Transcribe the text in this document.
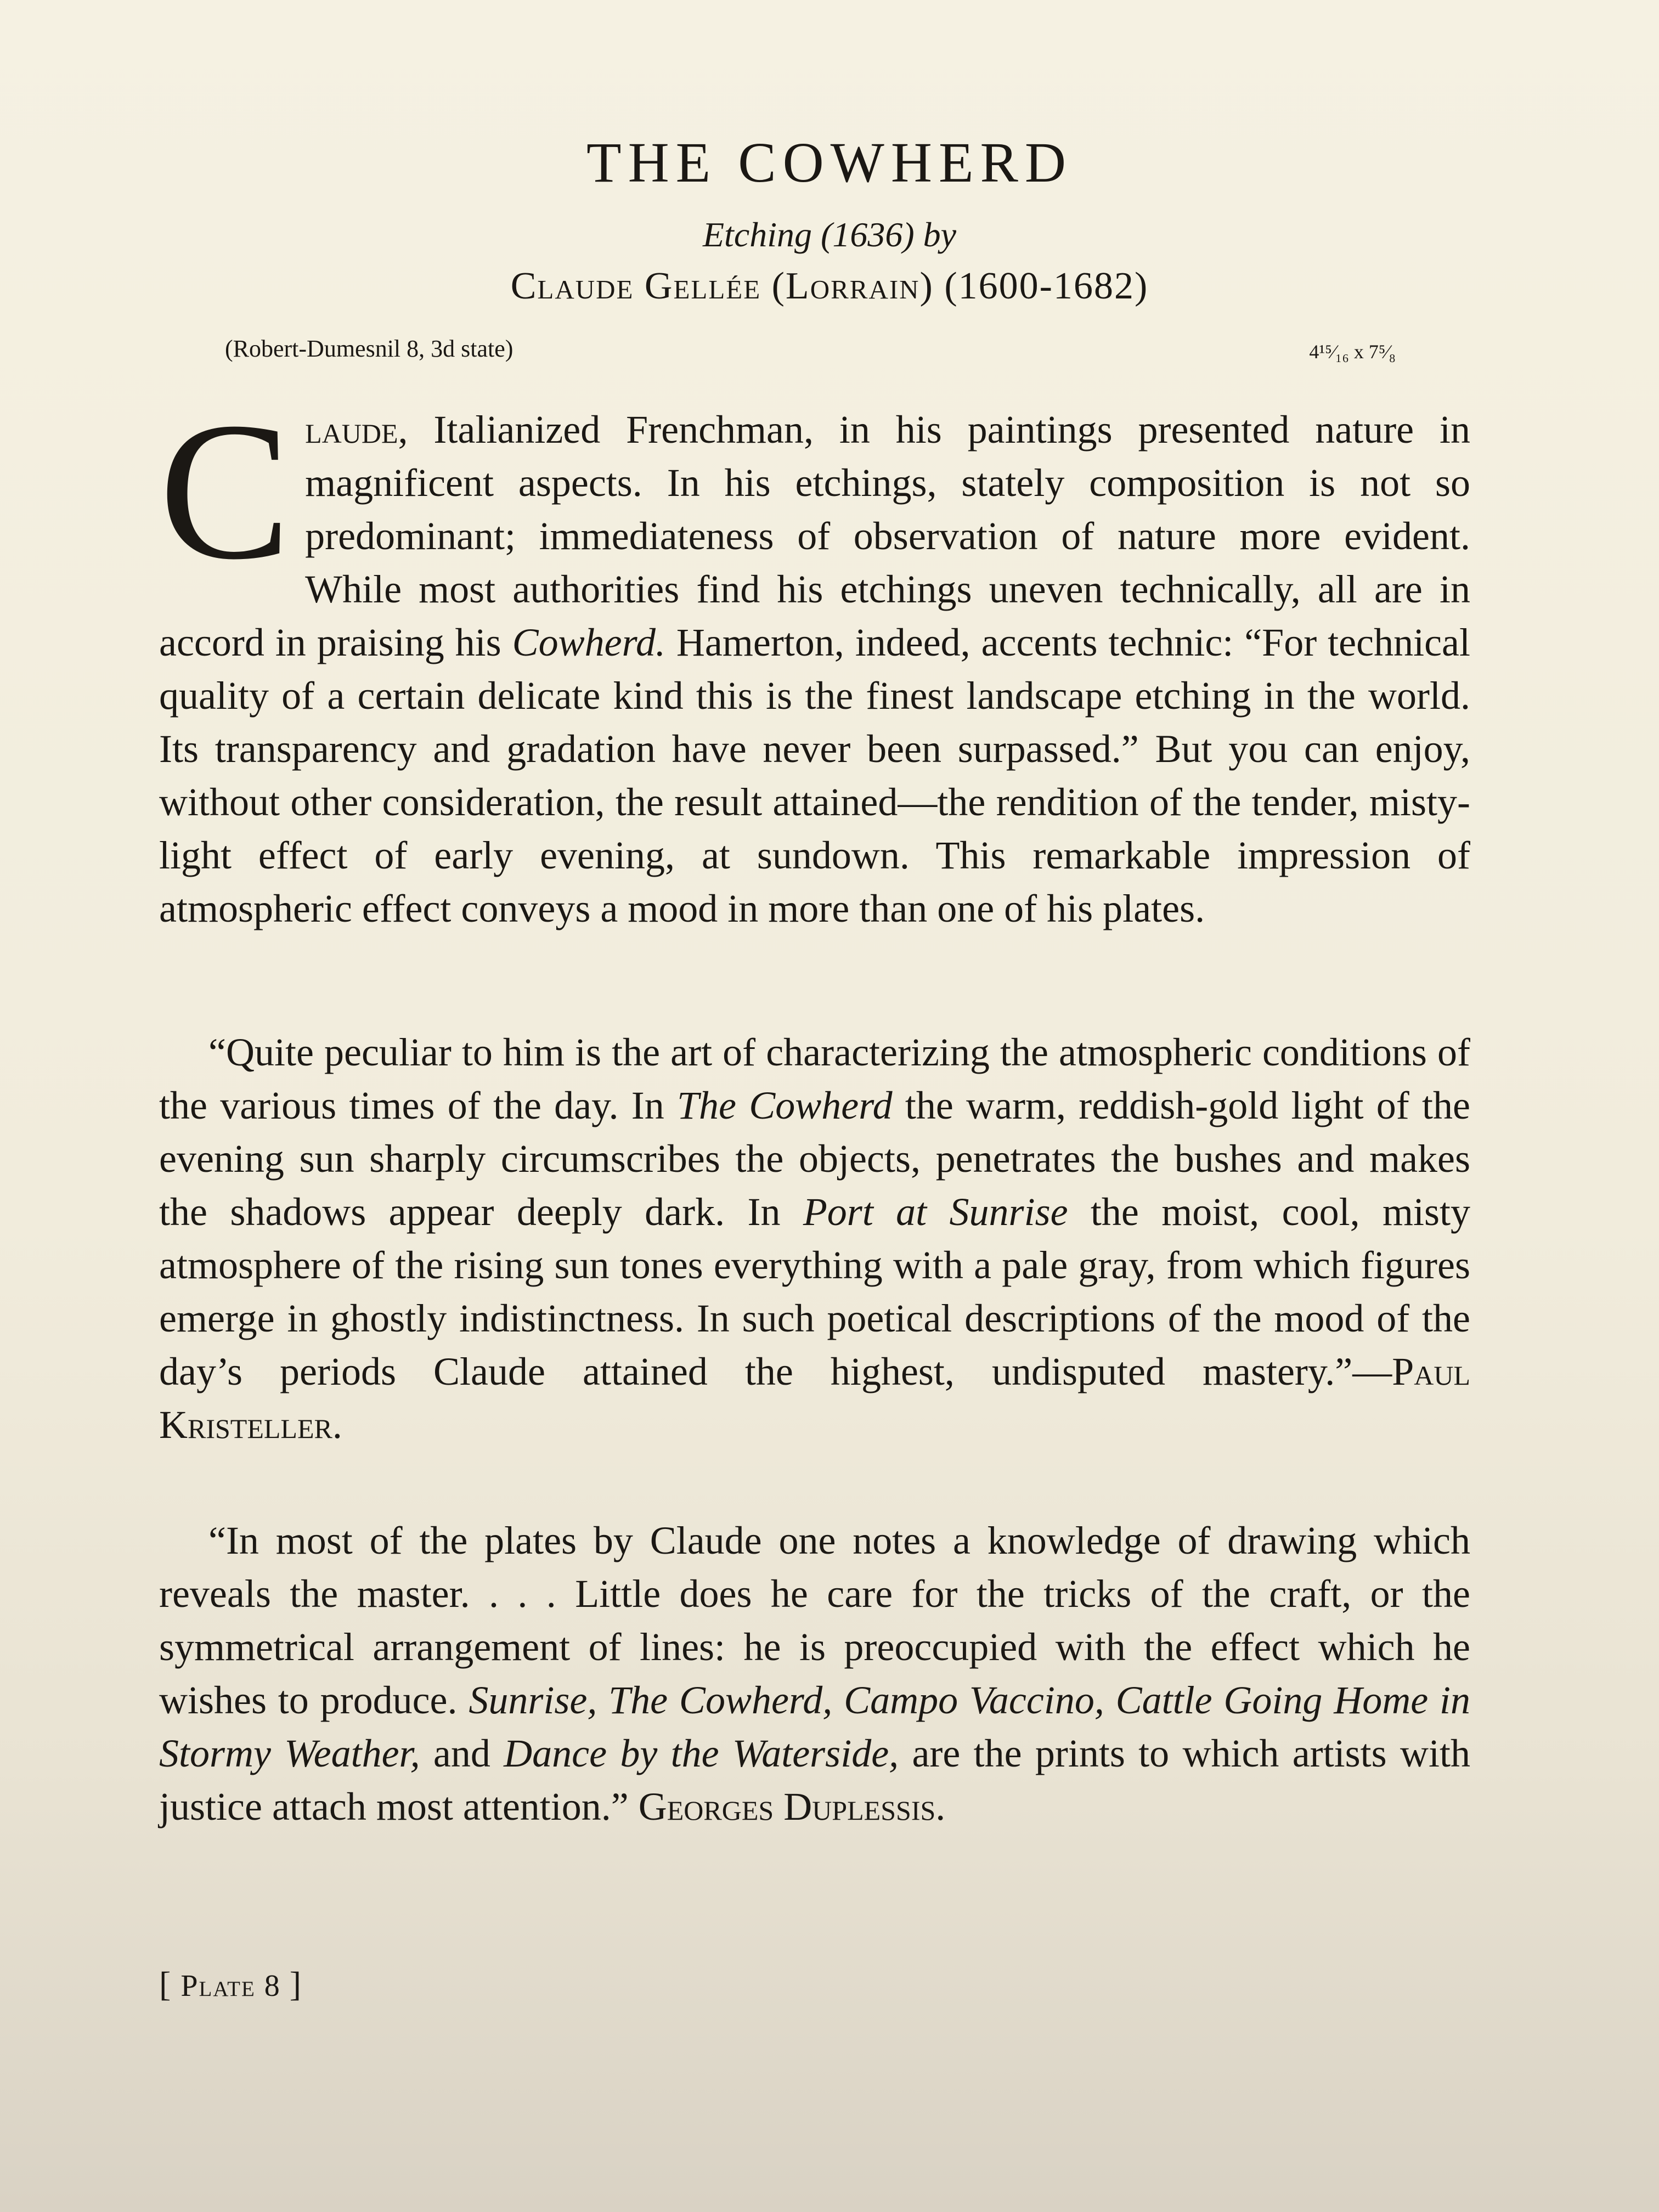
THE COWHERD
Etching (1636) by
Claude Gellée (Lorrain) (1600-1682)
(Robert-Dumesnil 8, 3d state)	4¹⁵⁄₁₆ x 7⁵⁄₈

Claude, Italianized Frenchman, in his paintings presented nature in magnificent aspects. In his etchings, stately composition is not so predominant; immediateness of observation of nature more evident. While most authorities find his etchings uneven technically, all are in accord in praising his Cowherd. Hamerton, indeed, accents technic: “For technical quality of a certain delicate kind this is the finest landscape etching in the world. Its transparency and gradation have never been surpassed.” But you can enjoy, without other consideration, the result attained—the rendition of the tender, misty-light effect of early evening, at sundown. This remarkable impression of atmospheric effect conveys a mood in more than one of his plates.

“Quite peculiar to him is the art of characterizing the atmospheric conditions of the various times of the day. In The Cowherd the warm, reddish-gold light of the evening sun sharply circumscribes the objects, penetrates the bushes and makes the shadows appear deeply dark. In Port at Sunrise the moist, cool, misty atmosphere of the rising sun tones everything with a pale gray, from which figures emerge in ghostly indistinctness. In such poetical descriptions of the mood of the day’s periods Claude attained the highest, undisputed mastery.”—Paul Kristeller.

“In most of the plates by Claude one notes a knowledge of drawing which reveals the master. . . . Little does he care for the tricks of the craft, or the symmetrical arrangement of lines: he is preoccupied with the effect which he wishes to produce. Sunrise, The Cowherd, Campo Vaccino, Cattle Going Home in Stormy Weather, and Dance by the Waterside, are the prints to which artists with justice attach most attention.” Georges Duplessis.

[ Plate 8 ]
